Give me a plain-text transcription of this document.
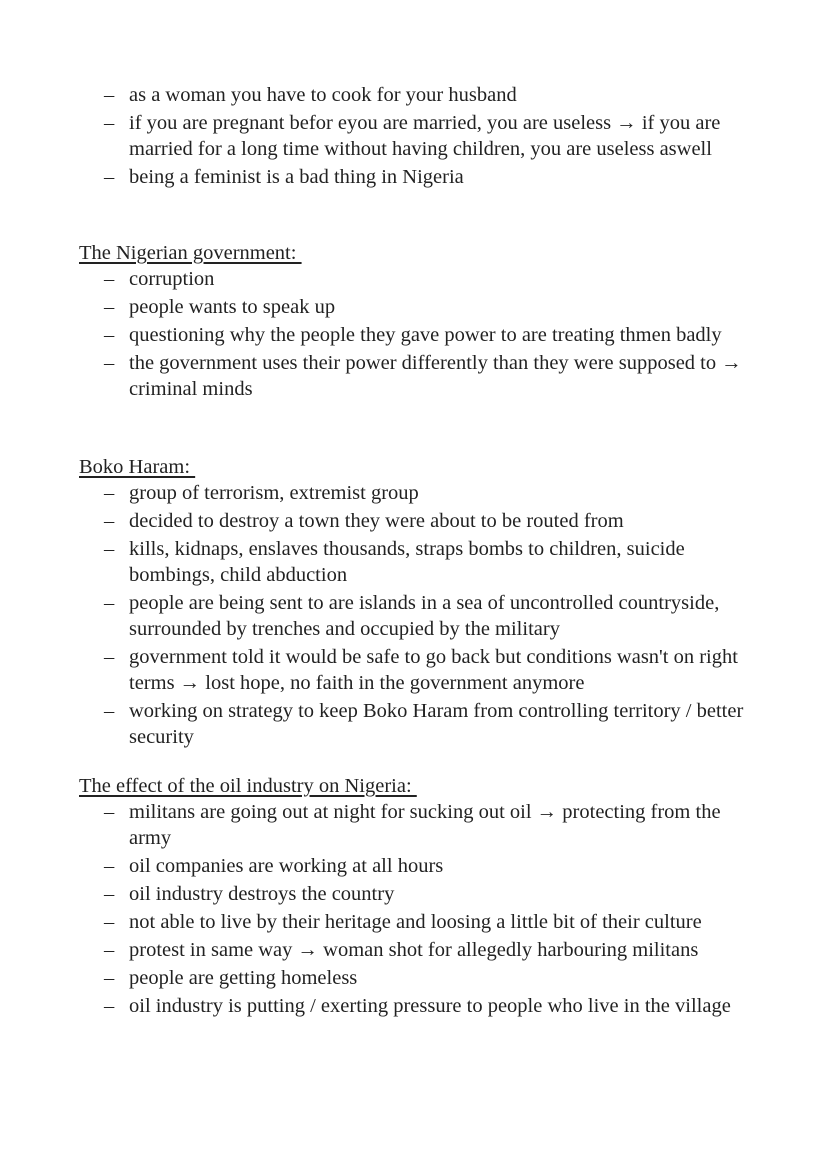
– as a woman you have to cook for your husband
– if you are pregnant befor eyou are married, you are useless → if you are married for a long time without having children, you are useless aswell
– being a feminist is a bad thing in Nigeria
The Nigerian government:
– corruption
– people wants to speak up
– questioning why the people they gave power to are treating thmen badly
– the government uses their power differently than they were supposed to → criminal minds
Boko Haram:
– group of terrorism, extremist group
– decided to destroy a town they were about to be routed from
– kills, kidnaps, enslaves thousands, straps bombs to children, suicide bombings, child abduction
– people are being sent to are islands in a sea of uncontrolled countryside, surrounded by trenches and occupied by the military
– government told it would be safe to go back but conditions wasn't on right terms → lost hope, no faith in the government anymore
– working on strategy to keep Boko Haram from controlling territory / better security
The effect of the oil industry on Nigeria:
– militans are going out at night for sucking out oil → protecting from the army
– oil companies are working at all hours
– oil industry destroys the country
– not able to live by their heritage and loosing a little bit of their culture
– protest in same way → woman shot for allegedly harbouring militans
– people are getting homeless
– oil industry is putting / exerting pressure to people who live in the village
